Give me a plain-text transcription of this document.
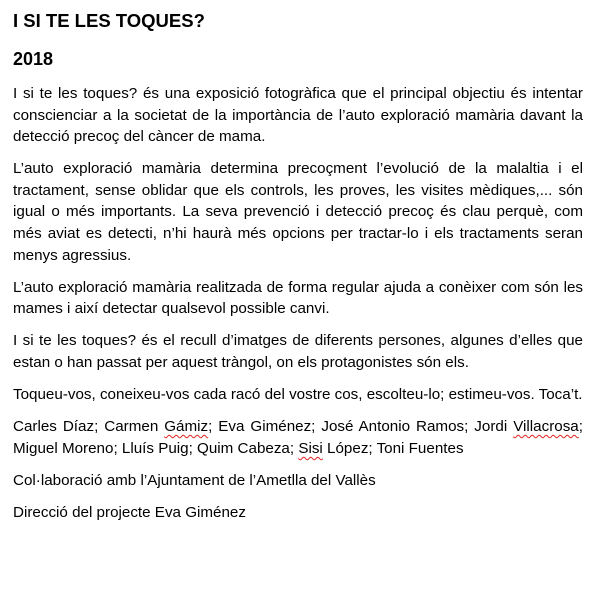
I SI TE LES TOQUES?
2018

I si te les toques? és una exposició fotogràfica que el principal objectiu és intentar conscienciar a la societat de la importància de l’auto exploració mamària davant la detecció precoç del càncer de mama.

L’auto exploració mamària determina precoçment l’evolució de la malaltia i el tractament, sense oblidar que els controls, les proves, les visites mèdiques,... són igual o més importants. La seva prevenció i detecció precoç és clau perquè, com més aviat es detecti, n’hi haurà més opcions per tractar-lo i els tractaments seran menys agressius.

L’auto exploració mamària realitzada de forma regular ajuda a conèixer com són les mames i així detectar qualsevol possible canvi.

I si te les toques? és el recull d’imatges de diferents persones, algunes d’elles que estan o han passat per aquest tràngol, on els protagonistes són els.

Toqueu-vos, coneixeu-vos cada racó del vostre cos, escolteu-lo; estimeu-vos. Toca’t.

Carles Díaz; Carmen Gámiz; Eva Giménez; José Antonio Ramos; Jordi Villacrosa; Miguel Moreno; Lluís Puig; Quim Cabeza; Sisi López; Toni Fuentes

Col·laboració amb l’Ajuntament de l’Ametlla del Vallès

Direcció del projecte Eva Giménez
